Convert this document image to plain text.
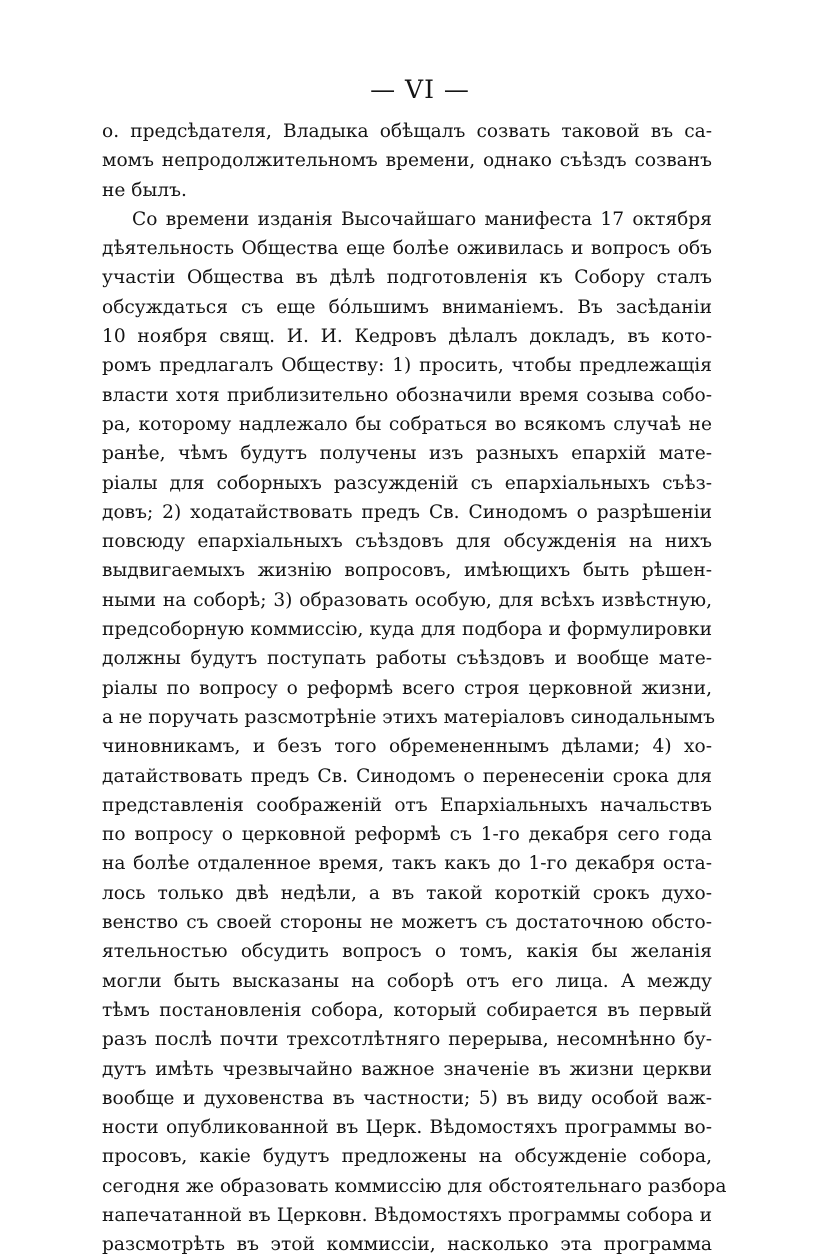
— VI —
о. предсѣдателя, Владыка обѣщалъ созвать таковой въ са-
момъ непродолжительномъ времени, однако съѣздъ созванъ
не былъ.
Со времени изданія Высочайшаго манифеста 17 октября
дѣятельность Общества еще болѣе оживилась и вопросъ объ
участіи Общества въ дѣлѣ подготовленія къ Собору сталъ
обсуждаться съ еще бóльшимъ вниманіемъ. Въ засѣданіи
10 ноября свящ. И. И. Кедровъ дѣлалъ докладъ, въ кото-
ромъ предлагалъ Обществу: 1) просить, чтобы предлежащія
власти хотя приблизительно обозначили время созыва собо-
ра, которому надлежало бы собраться во всякомъ случаѣ не
ранѣе, чѣмъ будутъ получены изъ разныхъ епархій мате-
ріалы для соборныхъ разсужденій съ епархіальныхъ съѣз-
довъ; 2) ходатайствовать предъ Св. Синодомъ о разрѣшеніи
повсюду епархіальныхъ съѣздовъ для обсужденія на нихъ
выдвигаемыхъ жизнію вопросовъ, имѣющихъ быть рѣшен-
ными на соборѣ; 3) образовать особую, для всѣхъ извѣстную,
предсоборную коммиссію, куда для подбора и формулировки
должны будутъ поступать работы съѣздовъ и вообще мате-
ріалы по вопросу о реформѣ всего строя церковной жизни,
а не поручать разсмотрѣніе этихъ матеріаловъ синодальнымъ
чиновникамъ, и безъ того обремененнымъ дѣлами; 4) хо-
датайствовать предъ Св. Синодомъ о перенесеніи срока для
представленія соображеній отъ Епархіальныхъ начальствъ
по вопросу о церковной реформѣ съ 1-го декабря сего года
на болѣе отдаленное время, такъ какъ до 1-го декабря оста-
лось только двѣ недѣли, а въ такой короткій срокъ духо-
венство съ своей стороны не можетъ съ достаточною обсто-
ятельностью обсудить вопросъ о томъ, какія бы желанія
могли быть высказаны на соборѣ отъ его лица. А между
тѣмъ постановленія собора, который собирается въ первый
разъ послѣ почти трехсотлѣтняго перерыва, несомнѣнно бу-
дутъ имѣть чрезвычайно важное значеніе въ жизни церкви
вообще и духовенства въ частности; 5) въ виду особой важ-
ности опубликованной въ Церк. Вѣдомостяхъ программы во-
просовъ, какіе будутъ предложены на обсужденіе собора,
сегодня же образовать коммиссію для обстоятельнаго разбора
напечатанной въ Церковн. Вѣдомостяхъ программы собора и
разсмотрѣть въ этой коммиссіи, насколько эта программа
